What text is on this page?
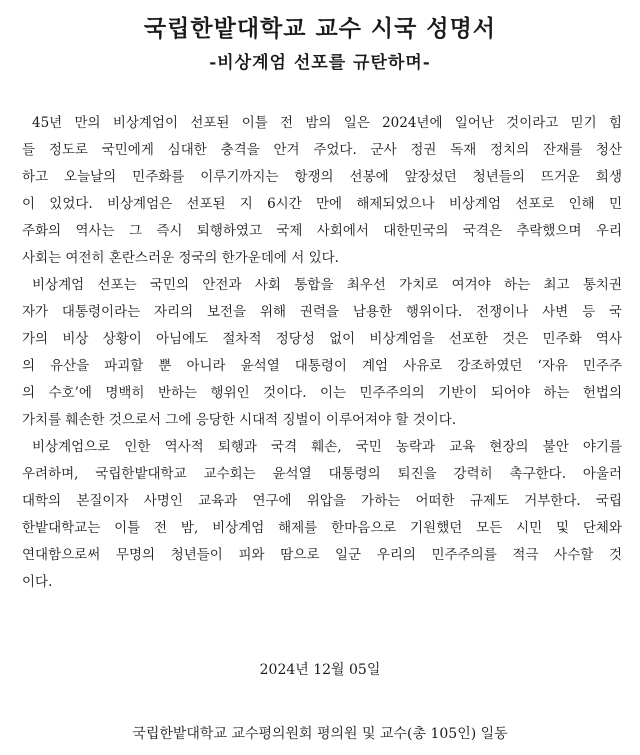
국립한밭대학교 교수 시국 성명서
-비상계엄 선포를 규탄하며-
45년 만의 비상계엄이 선포된 이틀 전 밤의 일은 2024년에 일어난 것이라고 믿기 힘
들 정도로 국민에게 심대한 충격을 안겨 주었다. 군사 정권 독재 정치의 잔재를 청산
하고 오늘날의 민주화를 이루기까지는 항쟁의 선봉에 앞장섰던 청년들의 뜨거운 희생
이 있었다. 비상계엄은 선포된 지 6시간 만에 해제되었으나 비상계엄 선포로 인해 민
주화의 역사는 그 즉시 퇴행하였고 국제 사회에서 대한민국의 국격은 추락했으며 우리
사회는 여전히 혼란스러운 정국의 한가운데에 서 있다.
비상계엄 선포는 국민의 안전과 사회 통합을 최우선 가치로 여겨야 하는 최고 통치권
자가 대통령이라는 자리의 보전을 위해 권력을 남용한 행위이다. 전쟁이나 사변 등 국
가의 비상 상황이 아님에도 절차적 정당성 없이 비상계엄을 선포한 것은 민주화 역사
의 유산을 파괴할 뿐 아니라 윤석열 대통령이 계엄 사유로 강조하였던 ‘자유 민주주
의 수호’에 명백히 반하는 행위인 것이다. 이는 민주주의의 기반이 되어야 하는 헌법의
가치를 훼손한 것으로서 그에 응당한 시대적 징벌이 이루어져야 할 것이다.
비상계엄으로 인한 역사적 퇴행과 국격 훼손, 국민 농락과 교육 현장의 불안 야기를
우려하며, 국립한밭대학교 교수회는 윤석열 대통령의 퇴진을 강력히 촉구한다. 아울러
대학의 본질이자 사명인 교육과 연구에 위압을 가하는 어떠한 규제도 거부한다. 국립
한밭대학교는 이틀 전 밤, 비상계엄 해제를 한마음으로 기원했던 모든 시민 및 단체와
연대함으로써 무명의 청년들이 피와 땀으로 일군 우리의 민주주의를 적극 사수할 것
이다.
2024년 12월 05일
국립한밭대학교 교수평의원회 평의원 및 교수(총 105인) 일동
